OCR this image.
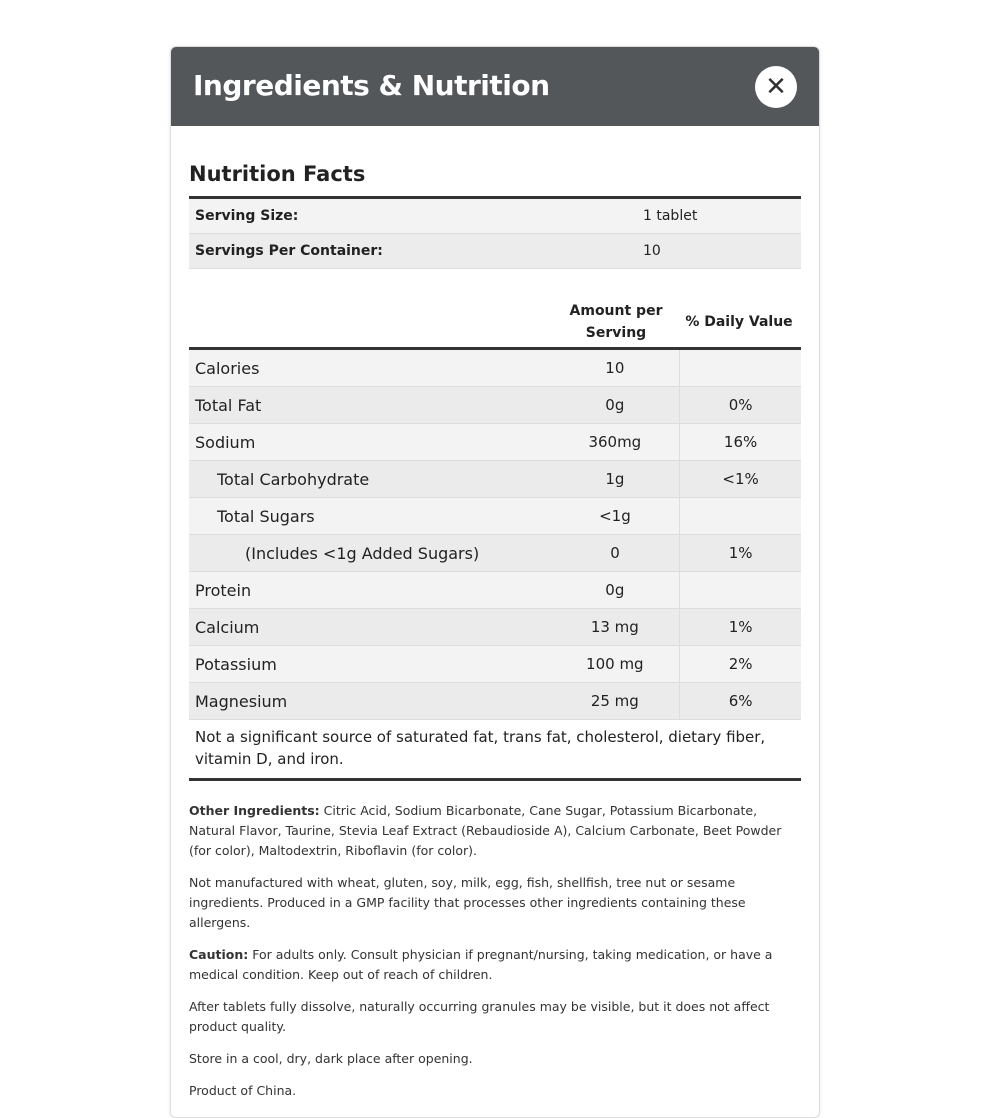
Ingredients & Nutrition	✕
Nutrition Facts
Serving Size:	1 tablet
Servings Per Container:	10
Amount per Serving
% Daily Value
Calories	10
Total Fat	0g	0%
Sodium	360mg	16%
Total Carbohydrate	1g	<1%
Total Sugars	<1g
(Includes <1g Added Sugars)	0	1%
Protein	0g
Calcium	13 mg	1%
Potassium	100 mg	2%
Magnesium	25 mg	6%
Not a significant source of saturated fat, trans fat, cholesterol, dietary fiber, vitamin D, and iron.

Other Ingredients: Citric Acid, Sodium Bicarbonate, Cane Sugar, Potassium Bicarbonate, Natural Flavor, Taurine, Stevia Leaf Extract (Rebaudioside A), Calcium Carbonate, Beet Powder (for color), Maltodextrin, Riboflavin (for color).

Not manufactured with wheat, gluten, soy, milk, egg, fish, shellfish, tree nut or sesame
ingredients. Produced in a GMP facility that processes other ingredients containing these allergens.

Caution: For adults only. Consult physician if pregnant/nursing, taking medication, or have a medical condition. Keep out of reach of children.

After tablets fully dissolve, naturally occurring granules may be visible, but it does not affect product quality.

Store in a cool, dry, dark place after opening.

Product of China.
